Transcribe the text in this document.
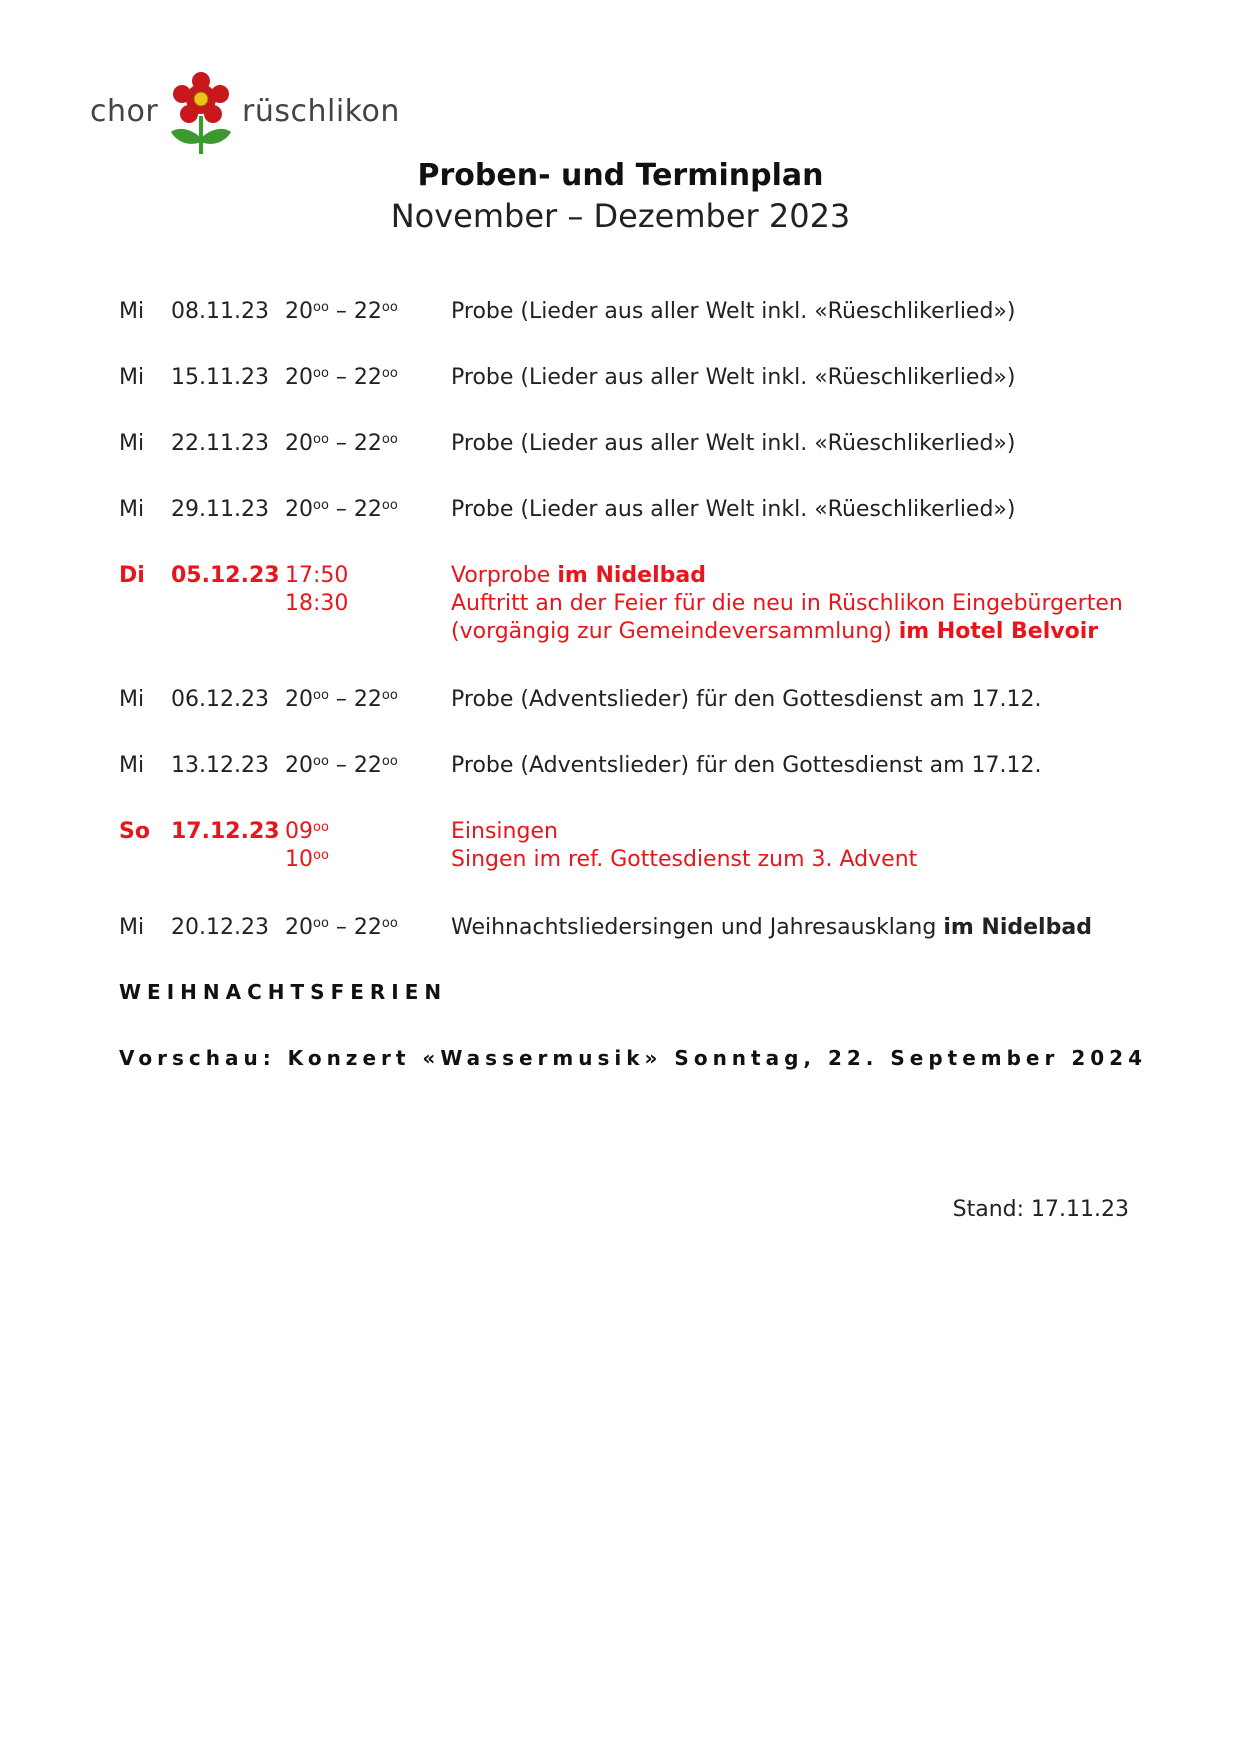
chor	rüschlikon
Proben- und Terminplan
November – Dezember 2023
Mi 08.11.23 $20^{oo} - 22^{oo}$ Probe (Lieder aus aller Welt inkl. «Rüeschlikerlied»)
Mi 15.11.23 $20^{oo} - 22^{oo}$ Probe (Lieder aus aller Welt inkl. «Rüeschlikerlied»)
Mi 22.11.23 $20^{oo} - 22^{oo}$ Probe (Lieder aus aller Welt inkl. «Rüeschlikerlied»)
Mi 29.11.23 $20^{oo} - 22^{oo}$ Probe (Lieder aus aller Welt inkl. «Rüeschlikerlied»)
Di 05.12.23 17:50
18:30
Vorprobe im Nidelbad
Auftritt an der Feier für die neu in Rüschlikon Eingebürgerten
(vorgängig zur Gemeindeversammlung) im Hotel Belvoir
Mi 06.12.23 $20^{oo} - 22^{oo}$ Probe (Adventslieder) für den Gottesdienst am 17.12.
Mi 13.12.23 $20^{oo} - 22^{oo}$ Probe (Adventslieder) für den Gottesdienst am 17.12.
So 17.12.23 $09^{oo}$
$10^{oo}$
Einsingen
Singen im ref. Gottesdienst zum 3. Advent
Mi 20.12.23 $20^{oo} - 22^{oo}$ Weihnachtsliedersingen und Jahresausklang im Nidelbad
WEIHNACHTSFERIEN
Vorschau: Konzert «Wassermusik» Sonntag, 22. September 2024
Stand: 17.11.23
